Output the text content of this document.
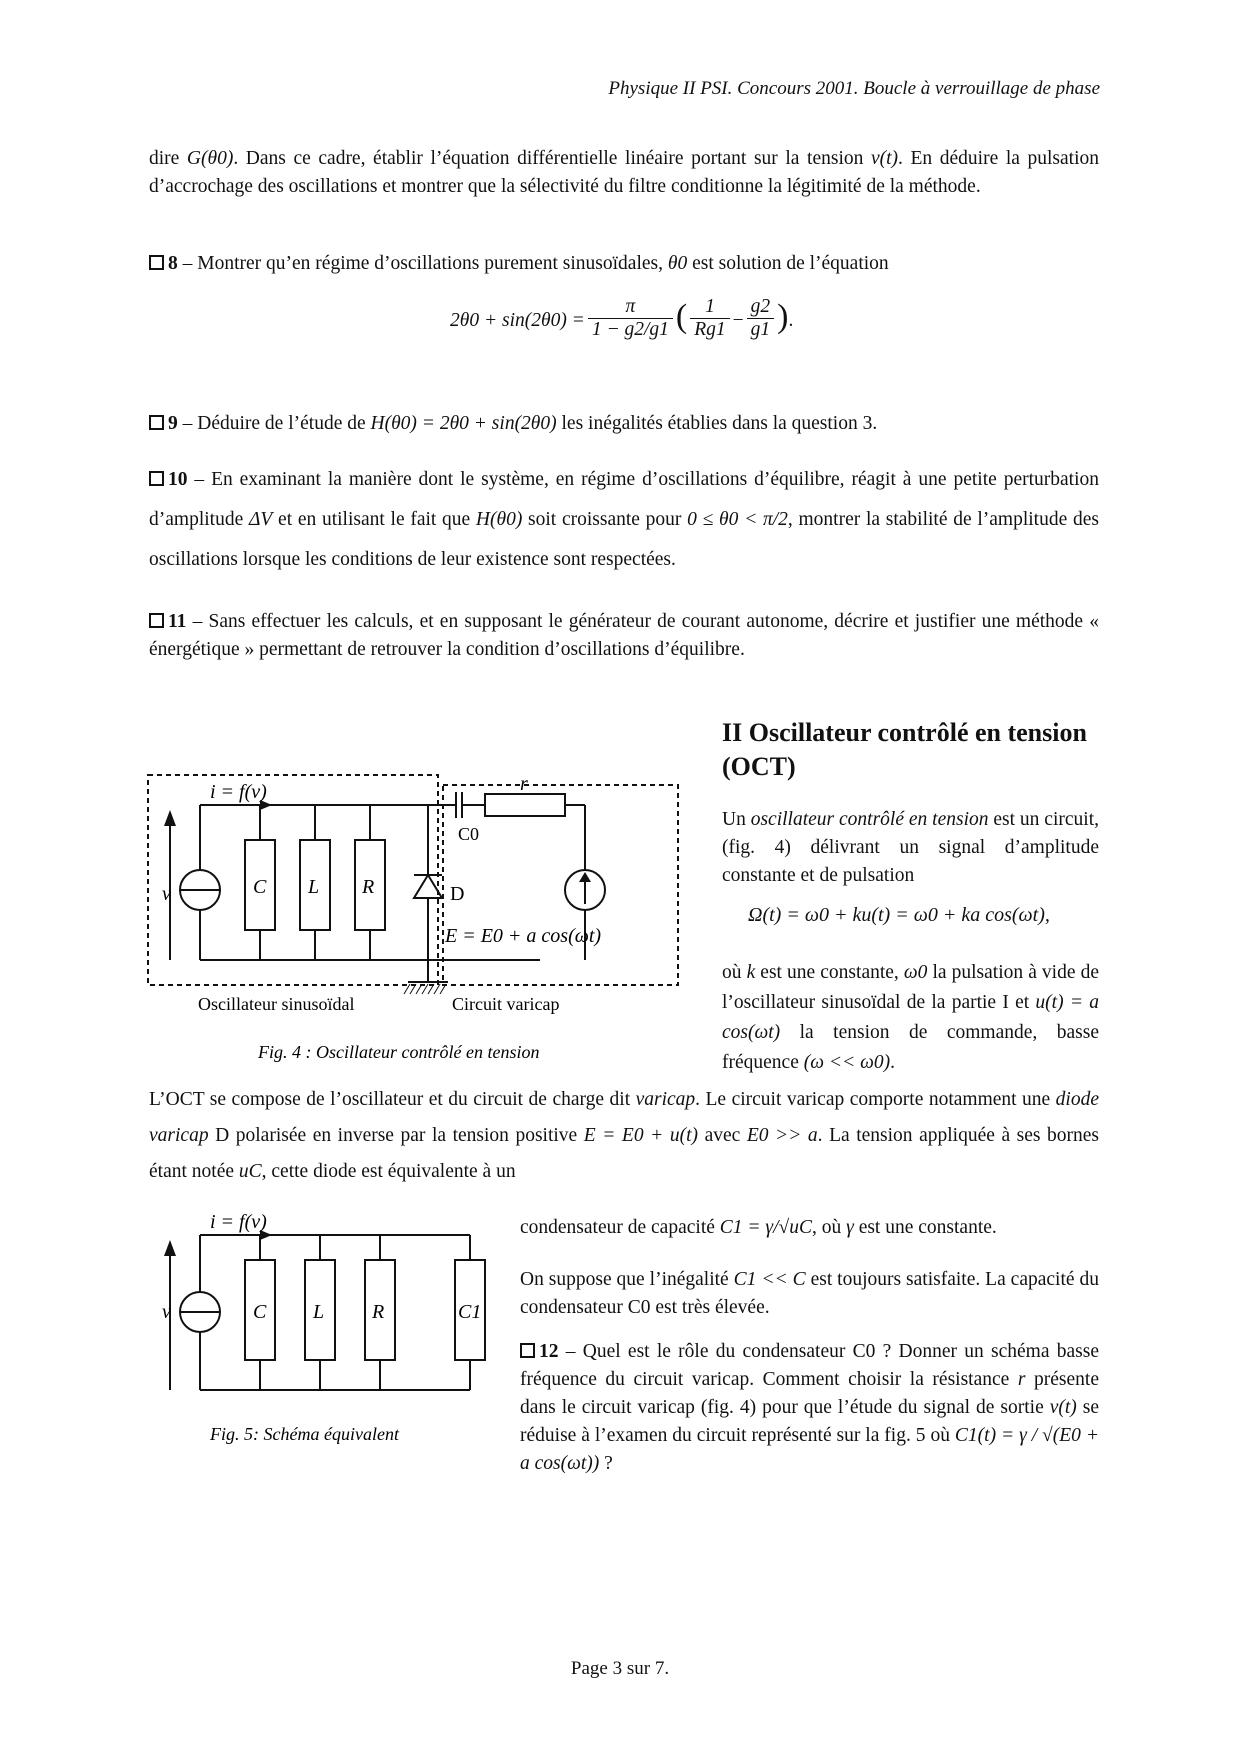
Physique II PSI. Concours 2001. Boucle à verrouillage de phase
dire G(θ0). Dans ce cadre, établir l’équation différentielle linéaire portant sur la tension v(t). En déduire la pulsation d’accrochage des oscillations et montrer que la sélectivité du filtre conditionne la légitimité de la méthode.
8 – Montrer qu’en régime d’oscillations purement sinusoïdales, θ0 est solution de l’équation
$2\theta 0 + \sin(2\theta 0) = \frac{\pi}{1 - g2/g1}$ ( $\frac{1}{Rg1} - \frac{g2}{g1}$ ) .
9 – Déduire de l’étude de H(θ0) = 2θ0 + sin(2θ0) les inégalités établies dans la question 3.
10 – En examinant la manière dont le système, en régime d’oscillations d’équilibre, réagit à une petite perturbation d’amplitude ΔV et en utilisant le fait que H(θ0) soit croissante pour 0 ≤ θ0 < π/2, montrer la stabilité de l’amplitude des oscillations lorsque les conditions de leur existence sont respectées.
11 – Sans effectuer les calculs, et en supposant le générateur de courant autonome, décrire et justifier une méthode « énergétique » permettant de retrouver la condition d’oscillations d’équilibre.
II Oscillateur contrôlé en tension (OCT)
Un oscillateur contrôlé en tension est un circuit, (fig. 4) délivrant un signal d’amplitude constante et de pulsation
Ω(t) = ω0 + ku(t) = ω0 + ka cos(ωt),
où k est une constante, ω0 la pulsation à vide de l’oscillateur sinusoïdal de la partie I et u(t) = a cos(ωt) la tension de commande, basse fréquence (ω << ω0).
i = f(v)
v	C L R
C0
r
D
E = E0 + a cos(ωt)
Oscillateur sinusoïdal	Circuit varicap
Fig. 4 : Oscillateur contrôlé en tension
L’OCT se compose de l’oscillateur et du circuit de charge dit varicap. Le circuit varicap comporte notamment une diode varicap D polarisée en inverse par la tension positive E = E0 + u(t) avec E0 >> a. La tension appliquée à ses bornes étant notée uC, cette diode est équivalente à un
i = f(v)
v	C L R	C1
Fig. 5: Schéma équivalent
condensateur de capacité C1 = γ/√uC, où γ est une constante.
On suppose que l’inégalité C1 << C est toujours satisfaite. La capacité du condensateur C0 est très élevée.
12 – Quel est le rôle du condensateur C0 ? Donner un schéma basse fréquence du circuit varicap. Comment choisir la résistance r présente dans le circuit varicap (fig. 4) pour que l’étude du signal de sortie v(t) se réduise à l’examen du circuit représenté sur la fig. 5 où C1(t) = γ / √(E0 + a cos(ωt)) ?
Page 3 sur 7.
